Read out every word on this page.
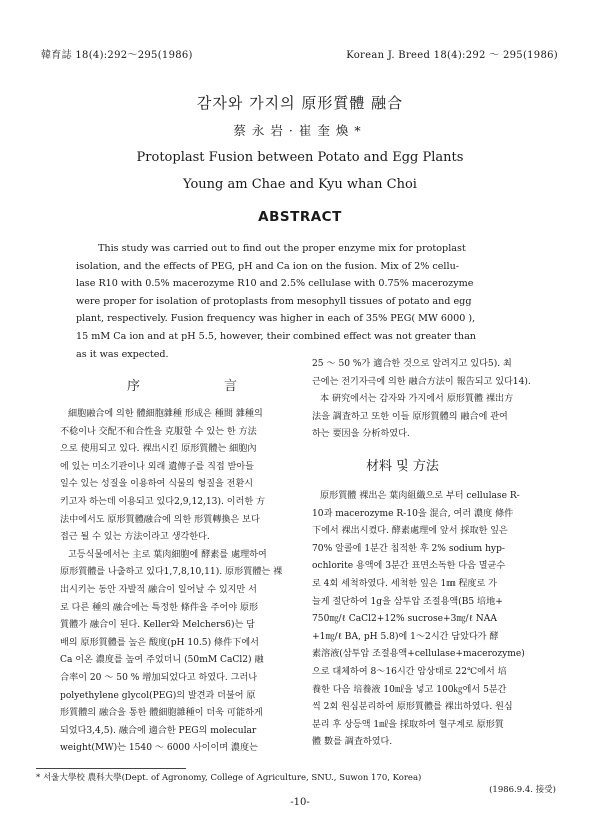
韓育誌 18(4):292～295(1986)	Korean J. Breed 18(4):292 ～ 295(1986)
감자와 가지의 原形質體 融合
蔡永岩·崔奎煥*
Protoplast Fusion between Potato and Egg Plants
Young am Chae and Kyu whan Choi
ABSTRACT
This study was carried out to find out the proper enzyme mix for protoplast
isolation, and the effects of PEG, pH and Ca ion on the fusion. Mix of 2% cellu-
lase R10 with 0.5% macerozyme R10 and 2.5% cellulase with 0.75% macerozyme
were proper for isolation of protoplasts from mesophyll tissues of potato and egg
plant, respectively. Fusion frequency was higher in each of 35% PEG( MW 6000 ),
15 mM Ca ion and at pH 5.5, however, their combined effect was not greater than
as it was expected.
序	言
細胞融合에 의한 體細胞雜種 形成은 種間 雜種의
不稔이나 交配不和合性을 克服할 수 있는 한 方法
으로 使用되고 있다. 裸出시킨 原形質體는 細胞內
에 있는 미소기관이나 외래 遺傳子를 직접 받아들
일수 있는 성질을 이용하여 식물의 형질을 전환시
키고자 하는데 이용되고 있다2,9,12,13). 이러한 方
法中에서도 原形質體融合에 의한 形質轉換은 보다
접근 될 수 있는 方法이라고 생각한다.
고등식물에서는 主로 葉肉細胞에 酵素를 處理하여
原形質體를 나출하고 있다1,7,8,10,11). 原形質體는 裸
出시키는 동안 자발적 融合이 일어날 수 있지만 서
로 다른 種의 融合에는 특정한 條件을 주어야 原形
質體가 融合이 된다. Keller와 Melchers6)는 담
배의 原形質體를 높은 酸度(pH 10.5) 條件下에서
Ca 이온 濃度를 높여 주었더니 (50mM CaCl2) 融
合率이 20 ～ 50 % 增加되었다고 하였다. 그러나
polyethylene glycol(PEG)의 발견과 더불어 原
形質體의 融合을 통한 體細胞雜種이 더욱 可能하게
되었다3,4,5). 融合에 適合한 PEG의 molecular
weight(MW)는 1540 ～ 6000 사이이며 濃度는
25 ～ 50 %가 適合한 것으로 알려지고 있다5). 최
근에는 전기자극에 의한 融合方法이 報告되고 있다14).
本 硏究에서는 감자와 가지에서 原形質體 裸出方
法을 調査하고 또한 이들 原形質體의 融合에 관여
하는 要因을 分析하였다.
原形質體 裸出은 葉肉組織으로 부터 cellulase R-
10과 macerozyme R-10을 混合, 여러 濃度 條件
下에서 裸出시켰다. 酵素處理에 앞서 採取한 잎은
70% 알콜에 1분간 침적한 후 2% sodium hyp-
ochlorite 용액에 3분간 표면소독한 다음 멸균수
로 4회 세척하였다. 세척한 잎은 1㎜ 程度로 가
늘게 절단하여 1g을 삼투압 조절용액(B5 培地+
750㎎/ℓ CaCl2+12% sucrose+3㎎/ℓ NAA
+1㎎/ℓ BA, pH 5.8)에 1～2시간 담았다가 酵
素溶液(삼투압 조절용액+cellulase+macerozyme)
으로 대체하여 8～16시간 암상태로 22℃에서 培
養한 다음 培養液 10㎖을 넣고 100㎏에서 5분간
씩 2회 원심분리하여 原形質體를 裸出하였다. 원심
분리 후 상등액 1㎖을 採取하여 혈구계로 原形質
體 數를 調査하였다.
材料 및 方法
* 서울大學校 農科大學(Dept. of Agronomy, College of Agriculture, SNU., Suwon 170, Korea)
(1986.9.4. 接受)
-10-
